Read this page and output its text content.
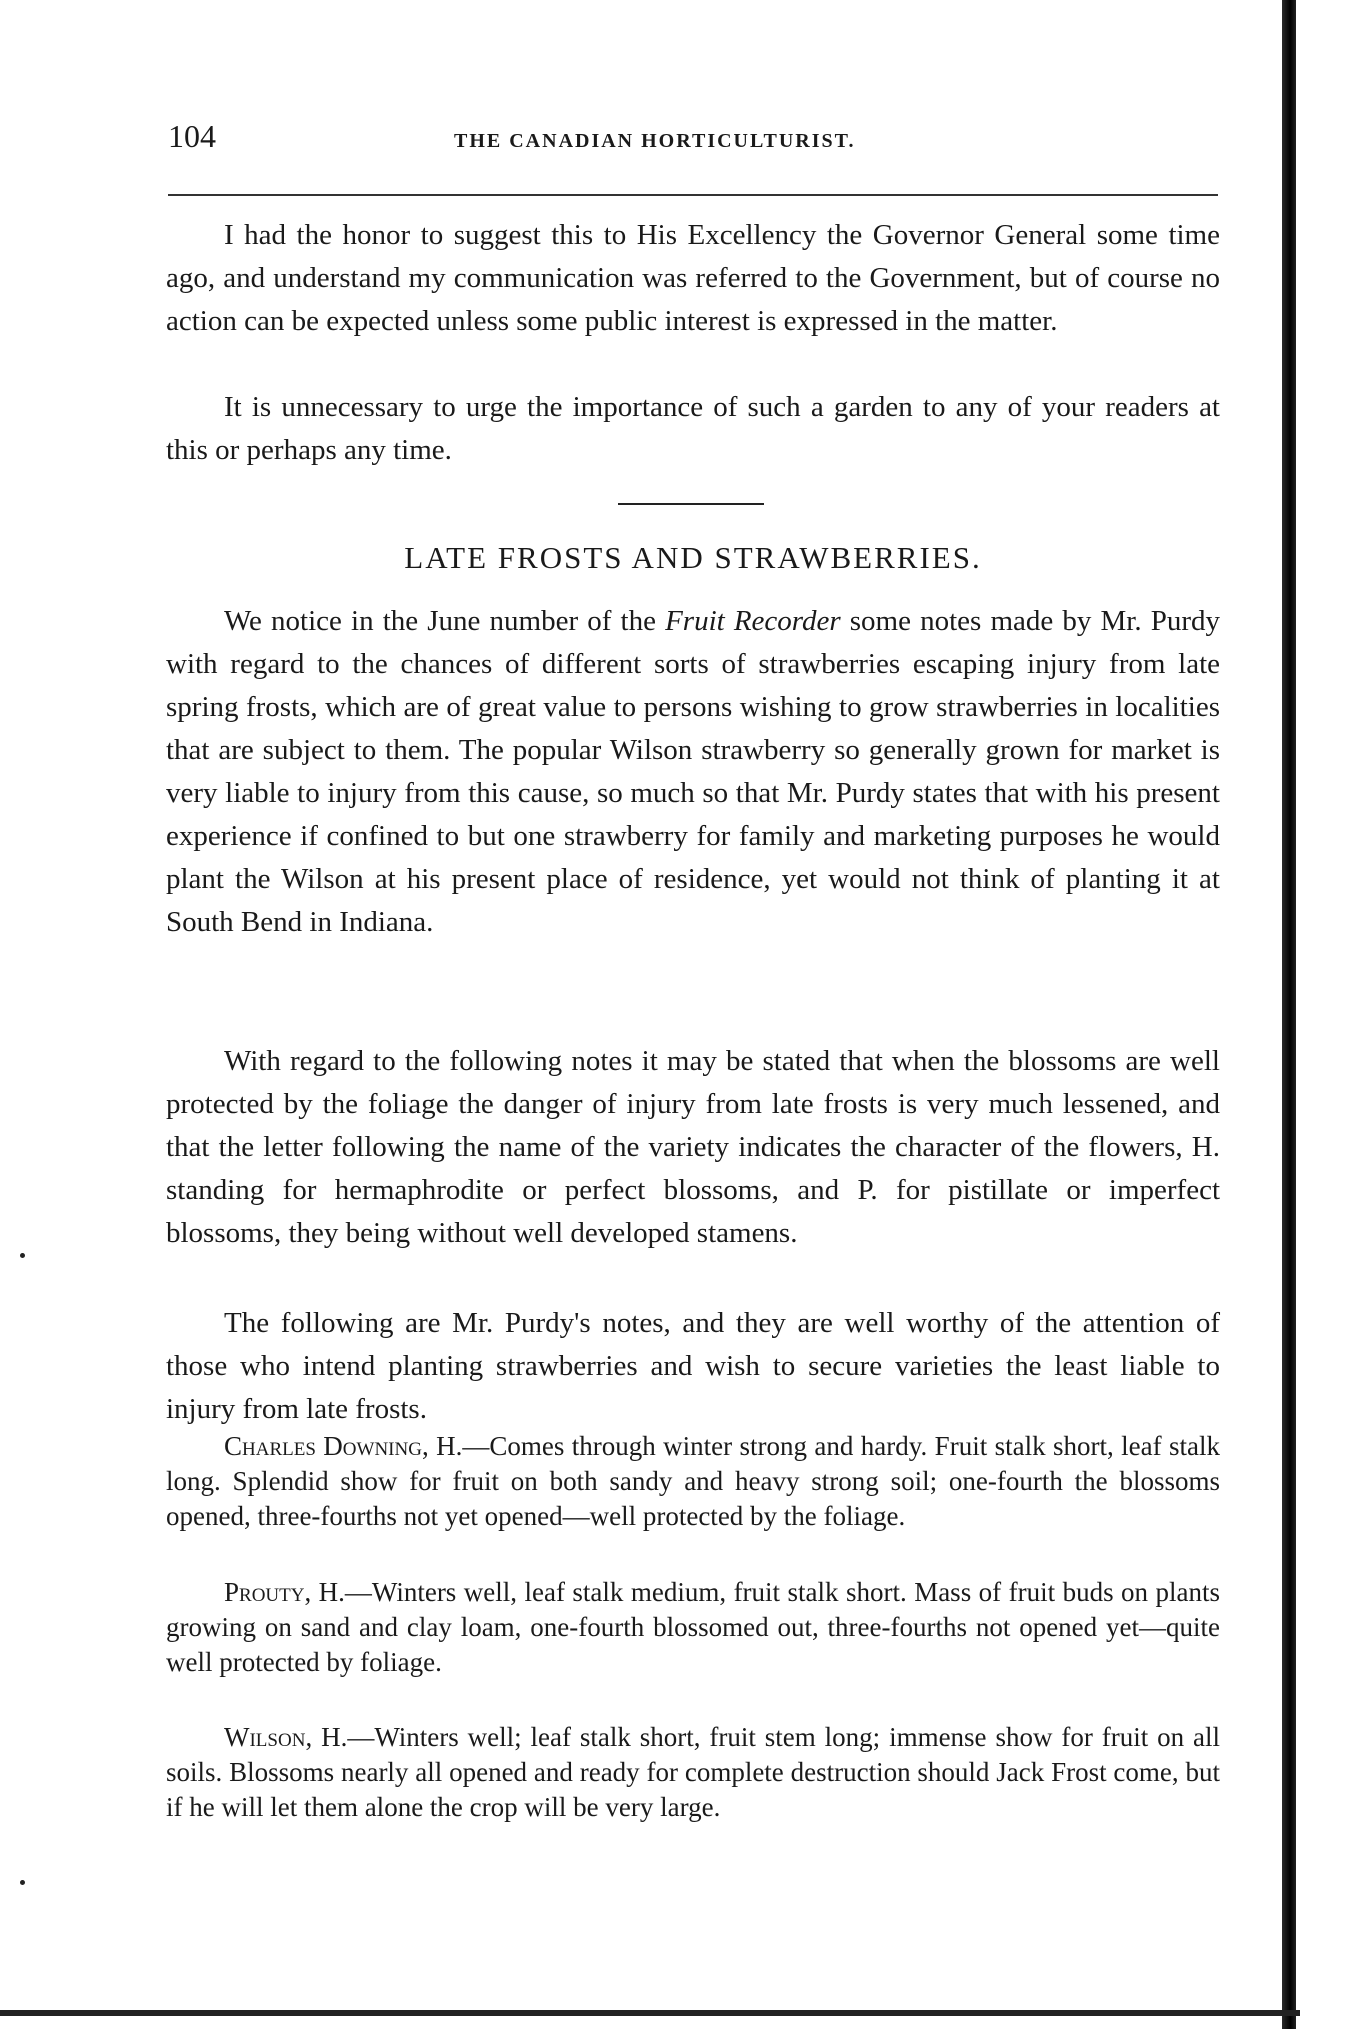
104	THE CANADIAN HORTICULTURIST.

I had the honor to suggest this to His Excellency the Governor General some time ago, and understand my communication was referred to the Government, but of course no action can be expected unless some public interest is expressed in the matter.

It is unnecessary to urge the importance of such a garden to any of your readers at this or perhaps any time.

LATE FROSTS AND STRAWBERRIES.

We notice in the June number of the Fruit Recorder some notes made by Mr. Purdy with regard to the chances of different sorts of strawberries escaping injury from late spring frosts, which are of great value to persons wishing to grow strawberries in localities that are subject to them. The popular Wilson strawberry so generally grown for market is very liable to injury from this cause, so much so that Mr. Purdy states that with his present experience if confined to but one strawberry for family and marketing purposes he would plant the Wilson at his present place of residence, yet would not think of planting it at South Bend in Indiana.

With regard to the following notes it may be stated that when the blossoms are well protected by the foliage the danger of injury from late frosts is very much lessened, and that the letter following the name of the variety indicates the character of the flowers, H. standing for hermaphrodite or perfect blossoms, and P. for pistillate or imperfect blossoms, they being without well developed stamens.

The following are Mr. Purdy's notes, and they are well worthy of the attention of those who intend planting strawberries and wish to secure varieties the least liable to injury from late frosts.

Charles Downing, H.—Comes through winter strong and hardy. Fruit stalk short, leaf stalk long. Splendid show for fruit on both sandy and heavy strong soil; one-fourth the blossoms opened, three-fourths not yet opened—well protected by the foliage.

Prouty, H.—Winters well, leaf stalk medium, fruit stalk short. Mass of fruit buds on plants growing on sand and clay loam, one-fourth blossomed out, three-fourths not opened yet—quite well protected by foliage.

Wilson, H.—Winters well; leaf stalk short, fruit stem long; immense show for fruit on all soils. Blossoms nearly all opened and ready for complete destruction should Jack Frost come, but if he will let them alone the crop will be very large.
